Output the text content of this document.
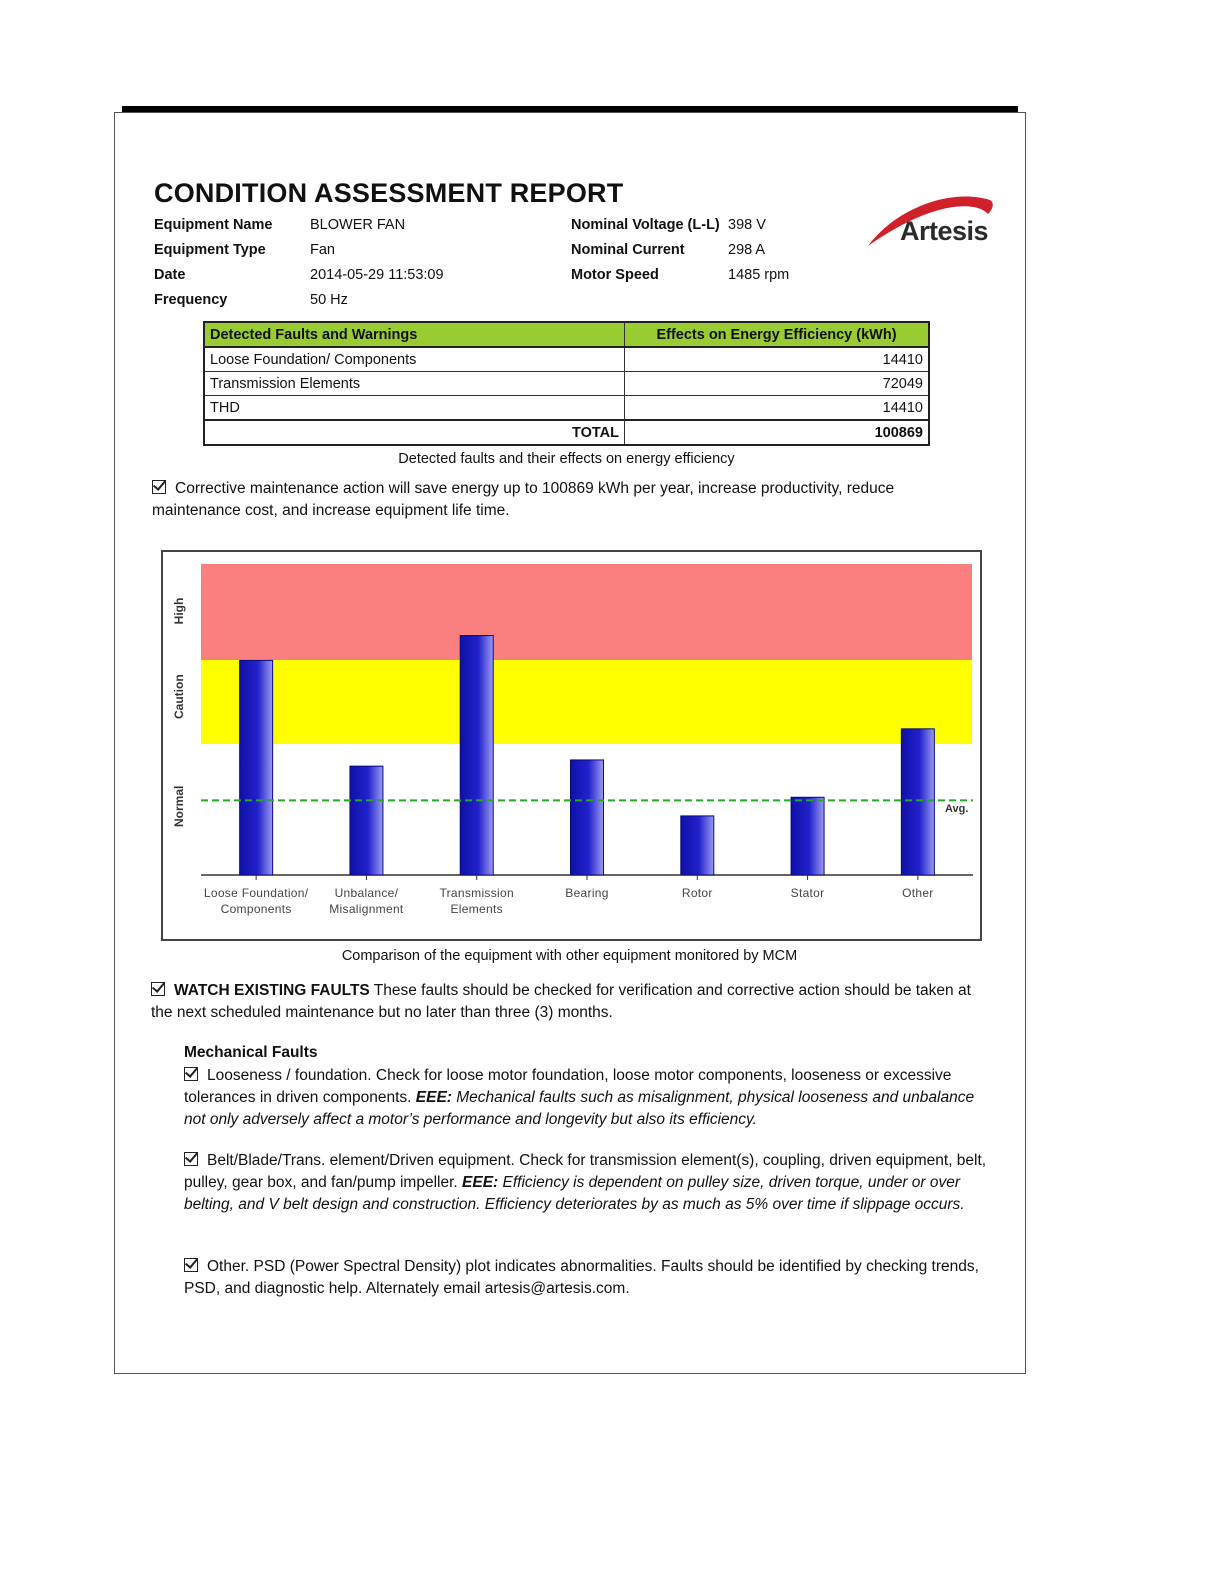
CONDITION ASSESSMENT REPORT
Equipment Name	BLOWER FAN
Equipment Type	Fan
Date	2014-05-29 11:53:09
Frequency	50 Hz
Nominal Voltage (L-L) 398 V
Nominal Current	298 A
Motor Speed	1485 rpm
Artesis
Detected Faults and Warnings	Effects on Energy Efficiency (kWh)
Loose Foundation/ Components	14410
Transmission Elements	72049
THD	14410
TOTAL	100869
Detected faults and their effects on energy efficiency
Corrective maintenance action will save energy up to 100869 kWh per year, increase productivity, reduce maintenance cost, and increase equipment life time.
High
Caution
Normal
Loose Foundation/ Components
Unbalance/ Misalignment
Transmission Elements
Bearing	Rotor	Stator	Other
Avg.
Comparison of the equipment with other equipment monitored by MCM
WATCH EXISTING FAULTS These faults should be checked for verification and corrective action should be taken at the next scheduled maintenance but no later than three (3) months.
Mechanical Faults
Looseness / foundation. Check for loose motor foundation, loose motor components, looseness or excessive tolerances in driven components. EEE: Mechanical faults such as misalignment, physical looseness and unbalance not only adversely affect a motor’s performance and longevity but also its efficiency.
Belt/Blade/Trans. element/Driven equipment. Check for transmission element(s), coupling, driven equipment, belt, pulley, gear box, and fan/pump impeller. EEE: Efficiency is dependent on pulley size, driven torque, under or over belting, and V belt design and construction. Efficiency deteriorates by as much as 5% over time if slippage occurs.
Other. PSD (Power Spectral Density) plot indicates abnormalities. Faults should be identified by checking trends, PSD, and diagnostic help. Alternately email artesis@artesis.com.
